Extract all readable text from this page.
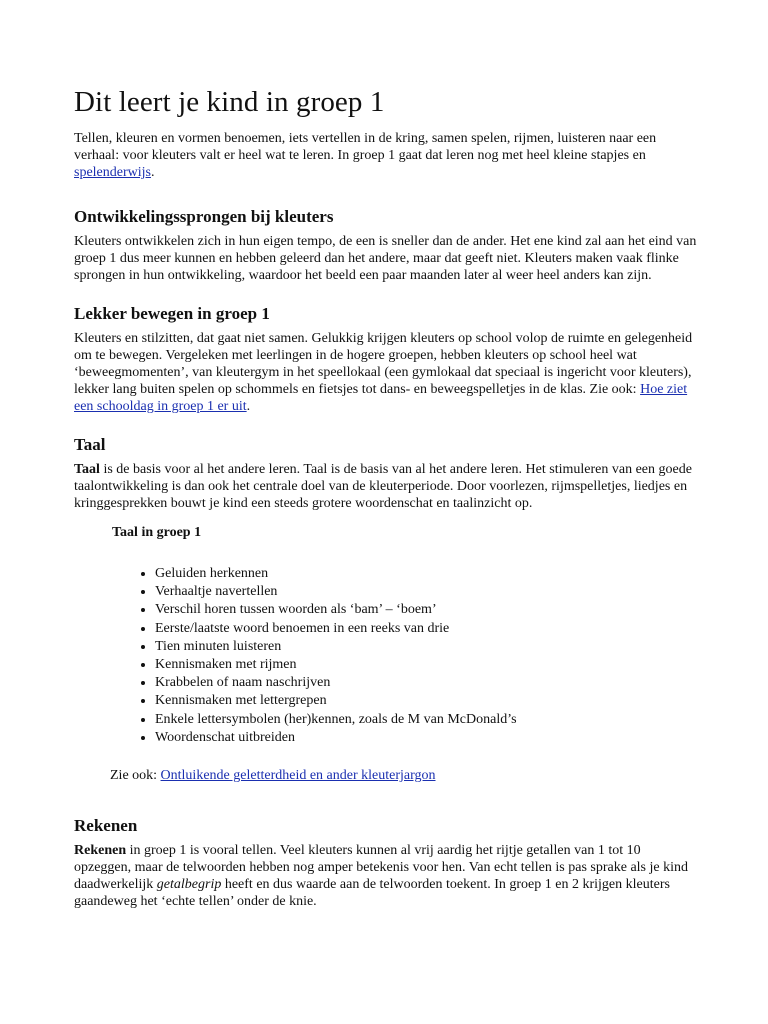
Dit leert je kind in groep 1

Tellen, kleuren en vormen benoemen, iets vertellen in de kring, samen spelen, rijmen, luisteren naar een verhaal: voor kleuters valt er heel wat te leren. In groep 1 gaat dat leren nog met heel kleine stapjes en spelenderwijs.

Ontwikkelingssprongen bij kleuters

Kleuters ontwikkelen zich in hun eigen tempo, de een is sneller dan de ander. Het ene kind zal aan het eind van groep 1 dus meer kunnen en hebben geleerd dan het andere, maar dat geeft niet. Kleuters maken vaak flinke sprongen in hun ontwikkeling, waardoor het beeld een paar maanden later al weer heel anders kan zijn.

Lekker bewegen in groep 1

Kleuters en stilzitten, dat gaat niet samen. Gelukkig krijgen kleuters op school volop de ruimte en gelegenheid om te bewegen. Vergeleken met leerlingen in de hogere groepen, hebben kleuters op school heel wat ‘beweegmomenten’, van kleutergym in het speellokaal (een gymlokaal dat speciaal is ingericht voor kleuters), lekker lang buiten spelen op schommels en fietsjes tot dans- en beweegspelletjes in de klas. Zie ook: Hoe ziet een schooldag in groep 1 er uit.

Taal

Taal is de basis voor al het andere leren. Taal is de basis van al het andere leren. Het stimuleren van een goede taalontwikkeling is dan ook het centrale doel van de kleuterperiode. Door voorlezen, rijmspelletjes, liedjes en kringgesprekken bouwt je kind een steeds grotere woordenschat en taalinzicht op.

Taal in groep 1
• Geluiden herkennen
• Verhaaltje navertellen
• Verschil horen tussen woorden als ‘bam’ – ‘boem’
• Eerste/laatste woord benoemen in een reeks van drie
• Tien minuten luisteren
• Kennismaken met rijmen
• Krabbelen of naam naschrijven
• Kennismaken met lettergrepen
• Enkele lettersymbolen (her)kennen, zoals de M van McDonald’s
• Woordenschat uitbreiden

Zie ook: Ontluikende geletterdheid en ander kleuterjargon

Rekenen

Rekenen in groep 1 is vooral tellen. Veel kleuters kunnen al vrij aardig het rijtje getallen van 1 tot 10 opzeggen, maar de telwoorden hebben nog amper betekenis voor hen. Van echt tellen is pas sprake als je kind daadwerkelijk getalbegrip heeft en dus waarde aan de telwoorden toekent. In groep 1 en 2 krijgen kleuters gaandeweg het ‘echte tellen’ onder de knie.
